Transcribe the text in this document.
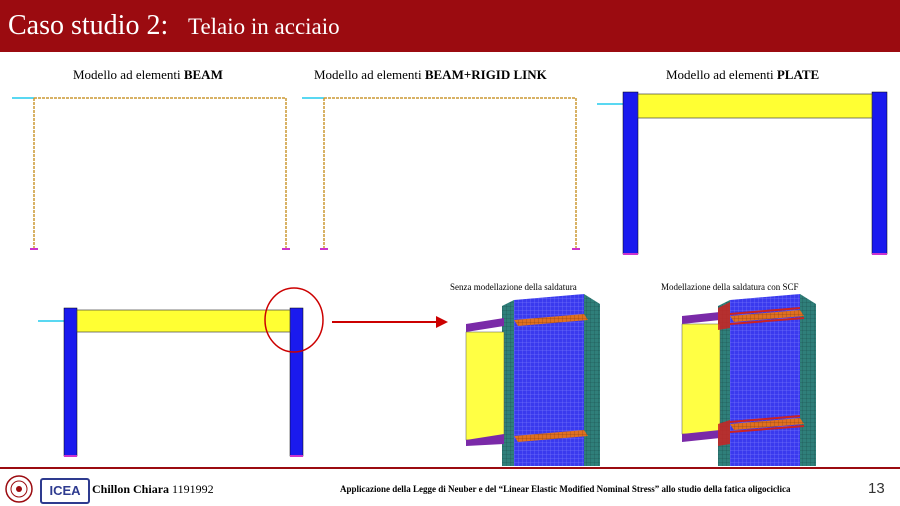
Caso studio 2: Telaio in acciaio
Modello ad elementi BEAM	Modello ad elementi BEAM+RIGID LINK	Modello ad elementi PLATE
Senza modellazione della saldatura	Modellazione della saldatura con SCF
ICEA Chillon Chiara 1191992	Applicazione della Legge di Neuber e del “Linear Elastic Modified Nominal Stress” allo studio della fatica oligociclica	13
